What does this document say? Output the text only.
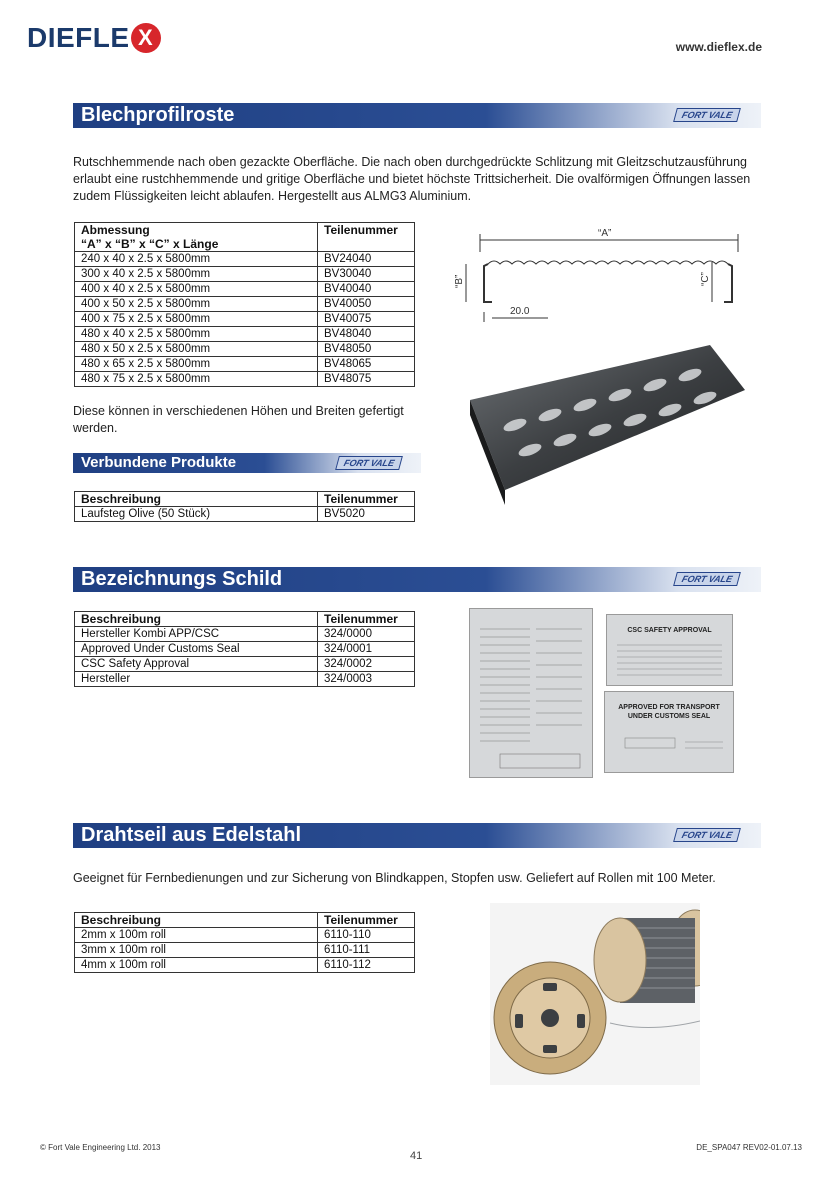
DIEFLE X	www.dieflex.de
Blechprofilroste	FORT VALE
Rutschhemmende nach oben gezackte Oberfläche. Die nach oben durchgedrückte Schlitzung mit Gleitzschutzausführung erlaubt eine rustchhemmende und gritige Oberfläche und bietet höchste Trittsicherheit. Die ovalförmigen Öffnungen lassen zudem Flüssigkeiten leicht ablaufen. Hergestellt aus ALMG3 Aluminium.
Abmessung
“A” x “B” x “C” x Länge	Teilenummer
240 x 40 x 2.5 x 5800mm	BV24040
300 x 40 x 2.5 x 5800mm	BV30040
400 x 40 x 2.5 x 5800mm	BV40040
400 x 50 x 2.5 x 5800mm	BV40050
400 x 75 x 2.5 x 5800mm	BV40075
480 x 40 x 2.5 x 5800mm	BV48040
480 x 50 x 2.5 x 5800mm	BV48050
480 x 65 x 2.5 x 5800mm	BV48065
480 x 75 x 2.5 x 5800mm	BV48075
“A”
“B”	“C”
20.0
Diese können in verschiedenen Höhen und Breiten gefertigt werden.
Verbundene Produkte	FORT VALE
Beschreibung	Teilenummer
Laufsteg Olive (50 Stück)	BV5020
Bezeichnungs Schild	FORT VALE
Beschreibung	Teilenummer
Hersteller Kombi APP/CSC	324/0000
Approved Under Customs Seal	324/0001
CSC Safety Approval	324/0002
Hersteller	324/0003
CSC SAFETY APPROVAL
APPROVED FOR TRANSPORT
UNDER CUSTOMS SEAL
Drahtseil aus Edelstahl	FORT VALE
Geeignet für Fernbedienungen und zur Sicherung von Blindkappen, Stopfen usw. Geliefert auf Rollen mit 100 Meter.
Beschreibung	Teilenummer
2mm x 100m roll	6110-110
3mm x 100m roll	6110-111
4mm x 100m roll	6110-112
© Fort Vale Engineering Ltd. 2013
41
DE_SPA047 REV02-01.07.13
